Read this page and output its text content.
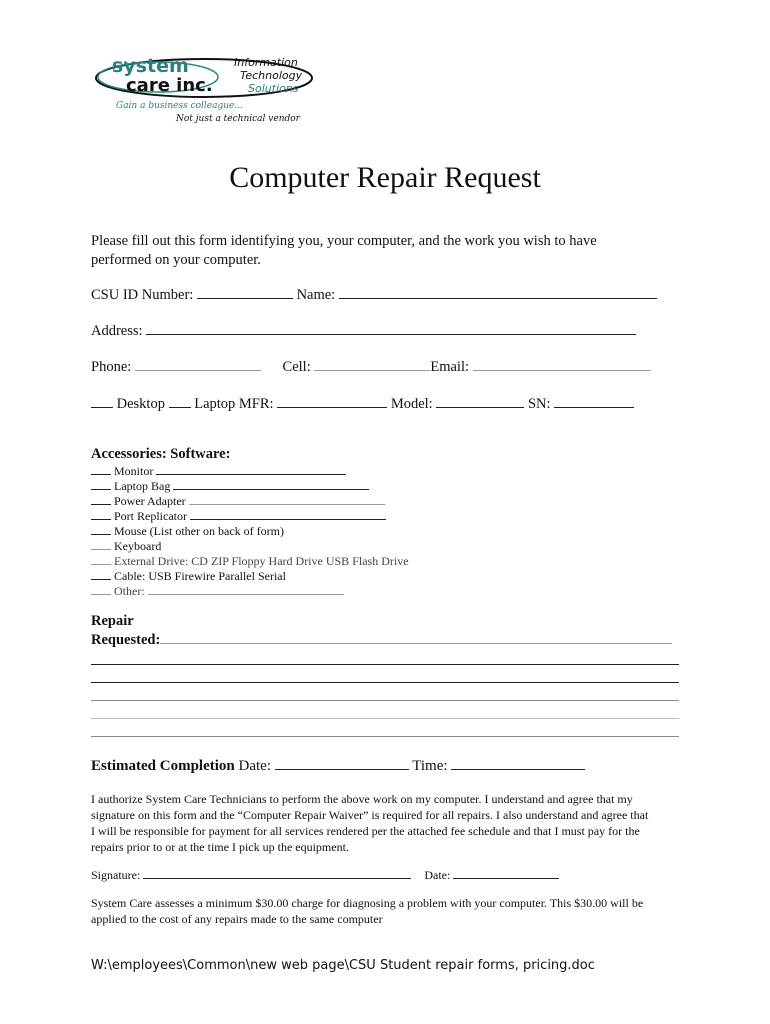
system
care inc.
Information
Technology
Solutions
Gain a business colleague...
Not just a technical vendor
Computer Repair Request
Please fill out this form identifying you, your computer, and the work you wish to have
performed on your computer.
CSU ID Number:	Name:
Address:
Phone:	Cell:	Email:
Desktop Laptop MFR:	Model:	SN:
Accessories: Software:
Monitor
Laptop Bag
Power Adapter
Port Replicator
Mouse (List other on back of form)
Keyboard
External Drive: CD ZIP Floppy Hard Drive USB Flash Drive
Cable: USB Firewire Parallel Serial
Other:
Repair
Requested:
Estimated Completion Date:	Time:
I authorize System Care Technicians to perform the above work on my computer. I understand and agree that my
signature on this form and the “Computer Repair Waiver” is required for all repairs. I also understand and agree that
I will be responsible for payment for all services rendered per the attached fee schedule and that I must pay for the
repairs prior to or at the time I pick up the equipment.
Signature:	Date:
System Care assesses a minimum $30.00 charge for diagnosing a problem with your computer. This $30.00 will be
applied to the cost of any repairs made to the same computer
W:\employees\Common\new web page\CSU Student repair forms, pricing.doc
